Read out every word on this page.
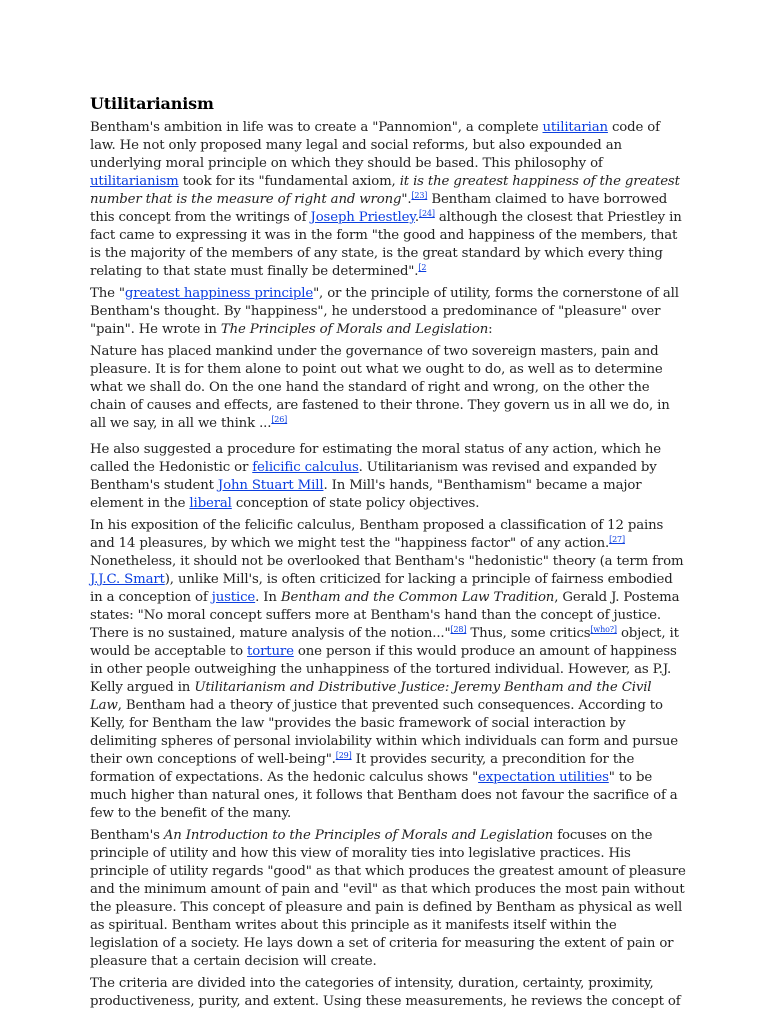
Utilitarianism

Bentham's ambition in life was to create a "Pannomion", a complete utilitarian code of law. He not only proposed many legal and social reforms, but also expounded an underlying moral principle on which they should be based. This philosophy of utilitarianism took for its "fundamental axiom, it is the greatest happiness of the greatest number that is the measure of right and wrong".[23] Bentham claimed to have borrowed this concept from the writings of Joseph Priestley.[24] although the closest that Priestley in fact came to expressing it was in the form "the good and happiness of the members, that is the majority of the members of any state, is the great standard by which every thing relating to that state must finally be determined".$^{[2}$

The "greatest happiness principle", or the principle of utility, forms the cornerstone of all Bentham's thought. By "happiness", he understood a predominance of "pleasure" over "pain". He wrote in The Principles of Morals and Legislation:

Nature has placed mankind under the governance of two sovereign masters, pain and pleasure. It is for them alone to point out what we ought to do, as well as to determine what we shall do. On the one hand the standard of right and wrong, on the other the chain of causes and effects, are fastened to their throne. They govern us in all we do, in all we say, in all we think ...[26]

He also suggested a procedure for estimating the moral status of any action, which he called the Hedonistic or felicific calculus. Utilitarianism was revised and expanded by Bentham's student John Stuart Mill. In Mill's hands, "Benthamism" became a major element in the liberal conception of state policy objectives.

In his exposition of the felicific calculus, Bentham proposed a classification of 12 pains and 14 pleasures, by which we might test the "happiness factor" of any action.[27] Nonetheless, it should not be overlooked that Bentham's "hedonistic" theory (a term from J.J.C. Smart), unlike Mill's, is often criticized for lacking a principle of fairness embodied in a conception of justice. In Bentham and the Common Law Tradition, Gerald J. Postema states: "No moral concept suffers more at Bentham's hand than the concept of justice. There is no sustained, mature analysis of the notion..."[28] Thus, some critics[who?] object, it would be acceptable to torture one person if this would produce an amount of happiness in other people outweighing the unhappiness of the tortured individual. However, as P.J. Kelly argued in Utilitarianism and Distributive Justice: Jeremy Bentham and the Civil Law, Bentham had a theory of justice that prevented such consequences. According to Kelly, for Bentham the law "provides the basic framework of social interaction by delimiting spheres of personal inviolability within which individuals can form and pursue their own conceptions of well-being".[29] It provides security, a precondition for the formation of expectations. As the hedonic calculus shows "expectation utilities" to be much higher than natural ones, it follows that Bentham does not favour the sacrifice of a few to the benefit of the many.

Bentham's An Introduction to the Principles of Morals and Legislation focuses on the principle of utility and how this view of morality ties into legislative practices. His principle of utility regards "good" as that which produces the greatest amount of pleasure and the minimum amount of pain and "evil" as that which produces the most pain without the pleasure. This concept of pleasure and pain is defined by Bentham as physical as well as spiritual. Bentham writes about this principle as it manifests itself within the legislation of a society. He lays down a set of criteria for measuring the extent of pain or pleasure that a certain decision will create.

The criteria are divided into the categories of intensity, duration, certainty, proximity, productiveness, purity, and extent. Using these measurements, he reviews the concept of
